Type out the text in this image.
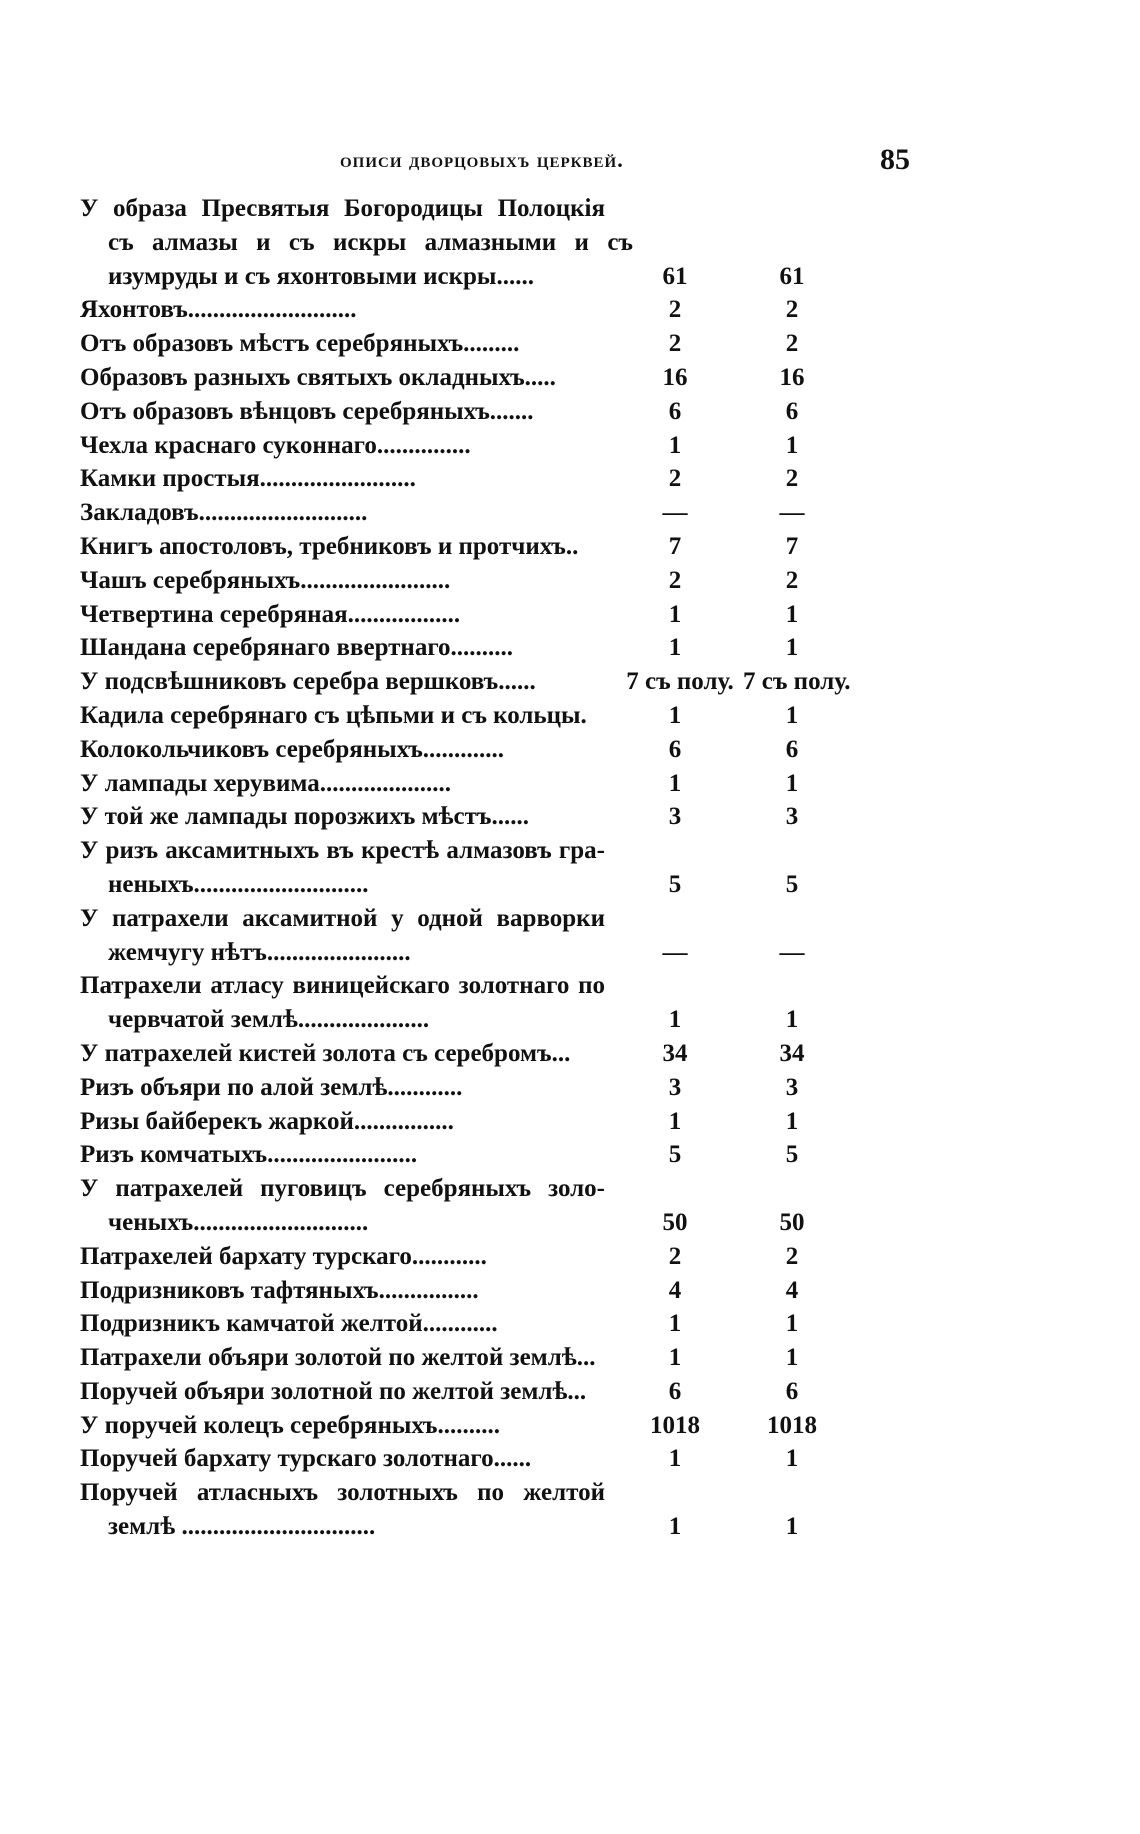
описи дворцовыхъ церквей.	85
У образа Пресвятыя Богородицы Полоцкія
съ алмазы и съ искры алмазными и съ
изумруды и съ яхонтовыми искры......	61	61
Яхонтовъ...........................	2	2
Отъ образовъ мѣстъ серебряныхъ.........	2	2
Образовъ разныхъ святыхъ окладныхъ.....	16	16
Отъ образовъ вѣнцовъ серебряныхъ.......	6	6
Чехла краснаго суконнаго...............	1	1
Камки простыя.........................	2	2
Закладовъ...........................	—	—
Книгъ апостоловъ, требниковъ и протчихъ..	7	7
Чашъ серебряныхъ........................	2	2
Четвертина серебряная..................	1	1
Шандана серебрянаго ввертнаго..........	1	1
У подсвѣшниковъ серебра вершковъ......	7 съ полу. 7 съ полу.
Кадила серебрянаго съ цѣпьми и съ кольцы.	1	1
Колокольчиковъ серебряныхъ.............	6	6
У лампады херувима.....................	1	1
У той же лампады порозжихъ мѣстъ......	3	3
У ризъ аксамитныхъ въ крестѣ алмазовъ гра-
неныхъ............................	5	5
У патрахели аксамитной у одной варворки
жемчугу нѣтъ.......................	—	—
Патрахели атласу виницейскаго золотнаго по
червчатой землѣ.....................	1	1
У патрахелей кистей золота съ серебромъ...	34	34
Ризъ объяри по алой землѣ............	3	3
Ризы байберекъ жаркой................	1	1
Ризъ комчатыхъ........................	5	5
У патрахелей пуговицъ серебряныхъ золо-
ченыхъ............................	50	50
Патрахелей бархату турскаго............	2	2
Подризниковъ тафтяныхъ................	4	4
Подризникъ камчатой желтой............	1	1
Патрахели объяри золотой по желтой землѣ...	1	1
Поручей объяри золотной по желтой землѣ...	6	6
У поручей колецъ серебряныхъ..........	1018	1018
Поручей бархату турскаго золотнаго......	1	1
Поручей атласныхъ золотныхъ по желтой
землѣ ...............................	1	1
